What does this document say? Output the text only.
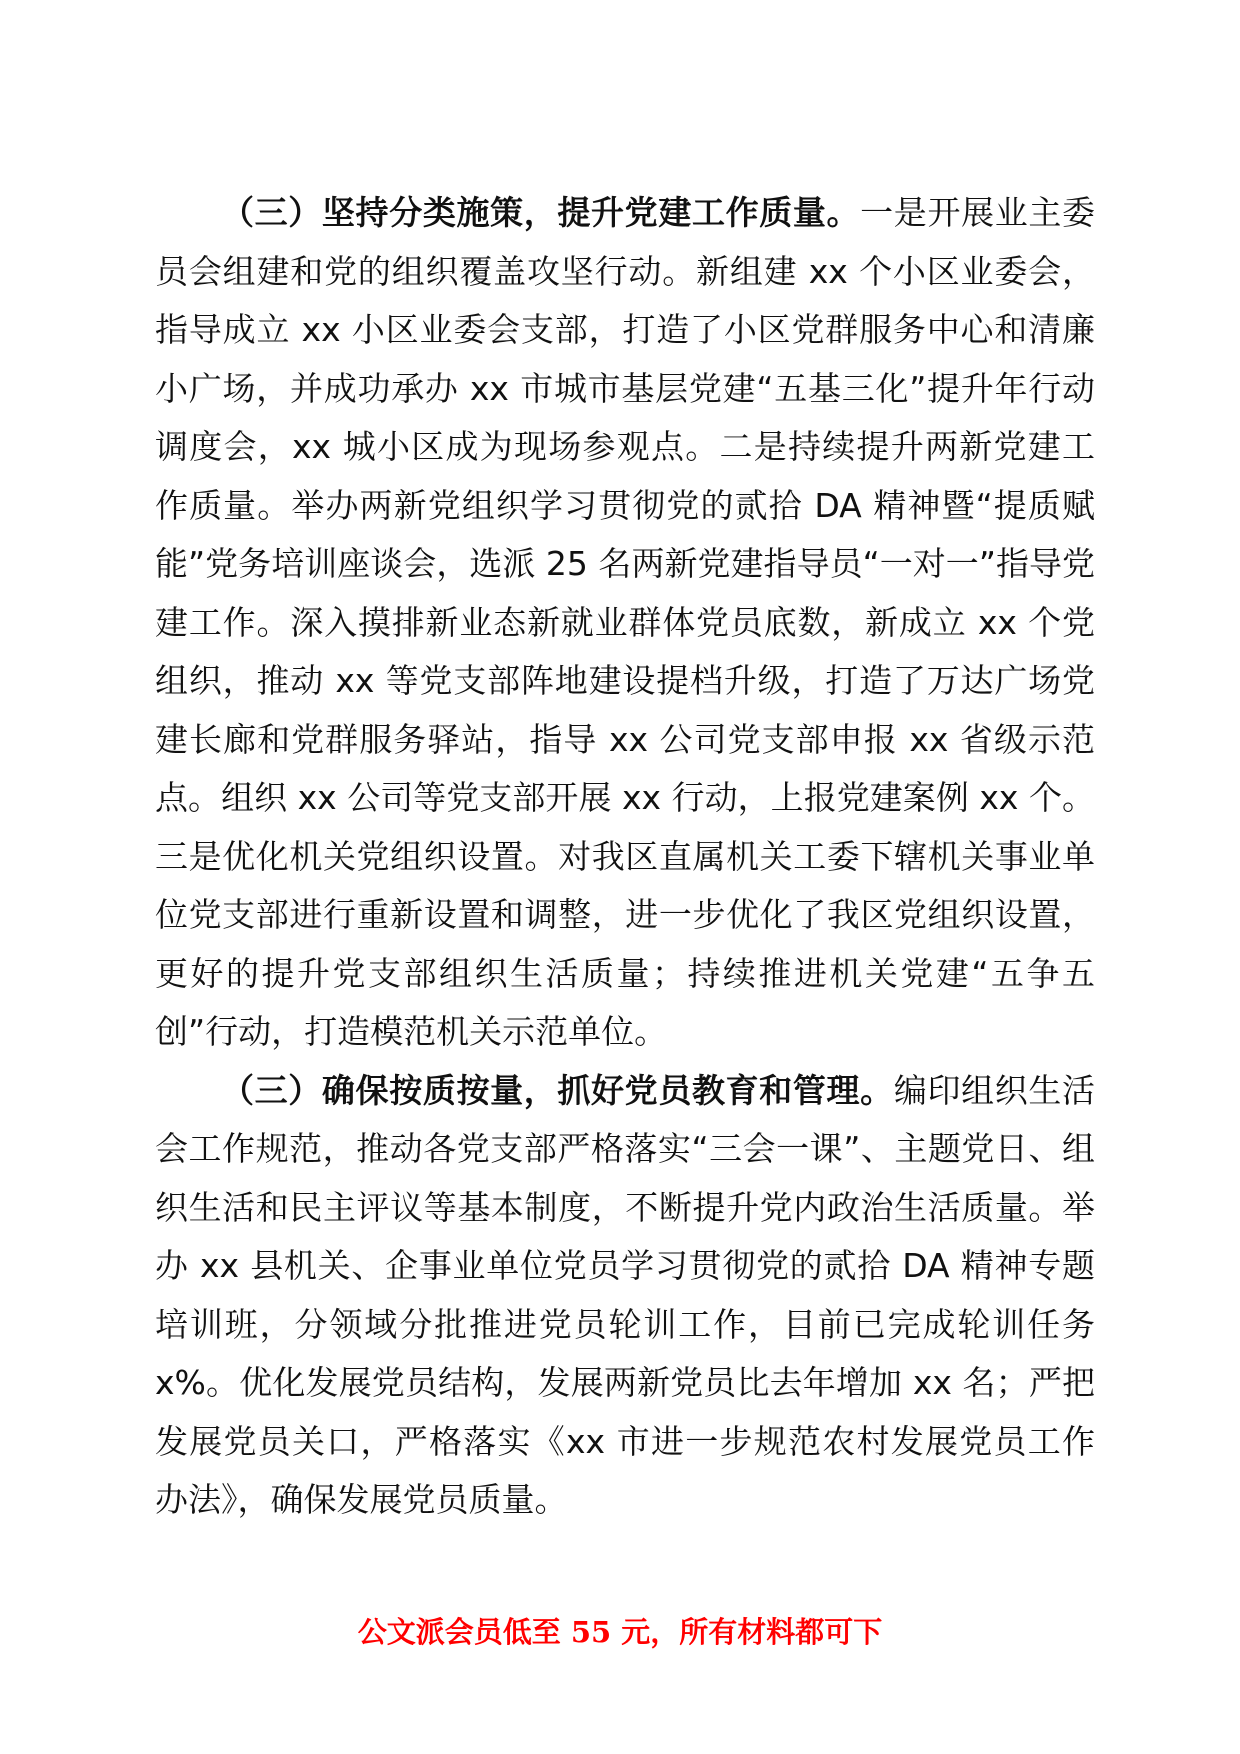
（三）坚持分类施策，提升党建工作质量。一是开展业主委员会组建和党的组织覆盖攻坚行动。新组建 xx 个小区业委会，指导成立 xx 小区业委会支部，打造了小区党群服务中心和清廉小广场，并成功承办 xx 市城市基层党建“五基三化”提升年行动调度会，xx 城小区成为现场参观点。二是持续提升两新党建工作质量。举办两新党组织学习贯彻党的贰拾 DA 精神暨“提质赋能”党务培训座谈会，选派 25 名两新党建指导员“一对一”指导党建工作。深入摸排新业态新就业群体党员底数，新成立 xx 个党组织，推动 xx 等党支部阵地建设提档升级，打造了万达广场党建长廊和党群服务驿站，指导 xx 公司党支部申报 xx 省级示范点。组织 xx 公司等党支部开展 xx 行动，上报党建案例 xx 个。三是优化机关党组织设置。对我区直属机关工委下辖机关事业单位党支部进行重新设置和调整，进一步优化了我区党组织设置，更好的提升党支部组织生活质量；持续推进机关党建“五争五创”行动，打造模范机关示范单位。

（三）确保按质按量，抓好党员教育和管理。编印组织生活会工作规范，推动各党支部严格落实“三会一课”、主题党日、组织生活和民主评议等基本制度，不断提升党内政治生活质量。举办 xx 县机关、企事业单位党员学习贯彻党的贰拾 DA 精神专题培训班，分领域分批推进党员轮训工作，目前已完成轮训任务 x%。优化发展党员结构，发展两新党员比去年增加 xx 名；严把发展党员关口，严格落实《xx 市进一步规范农村发展党员工作办法》，确保发展党员质量。

公文派会员低至 55 元，所有材料都可下
